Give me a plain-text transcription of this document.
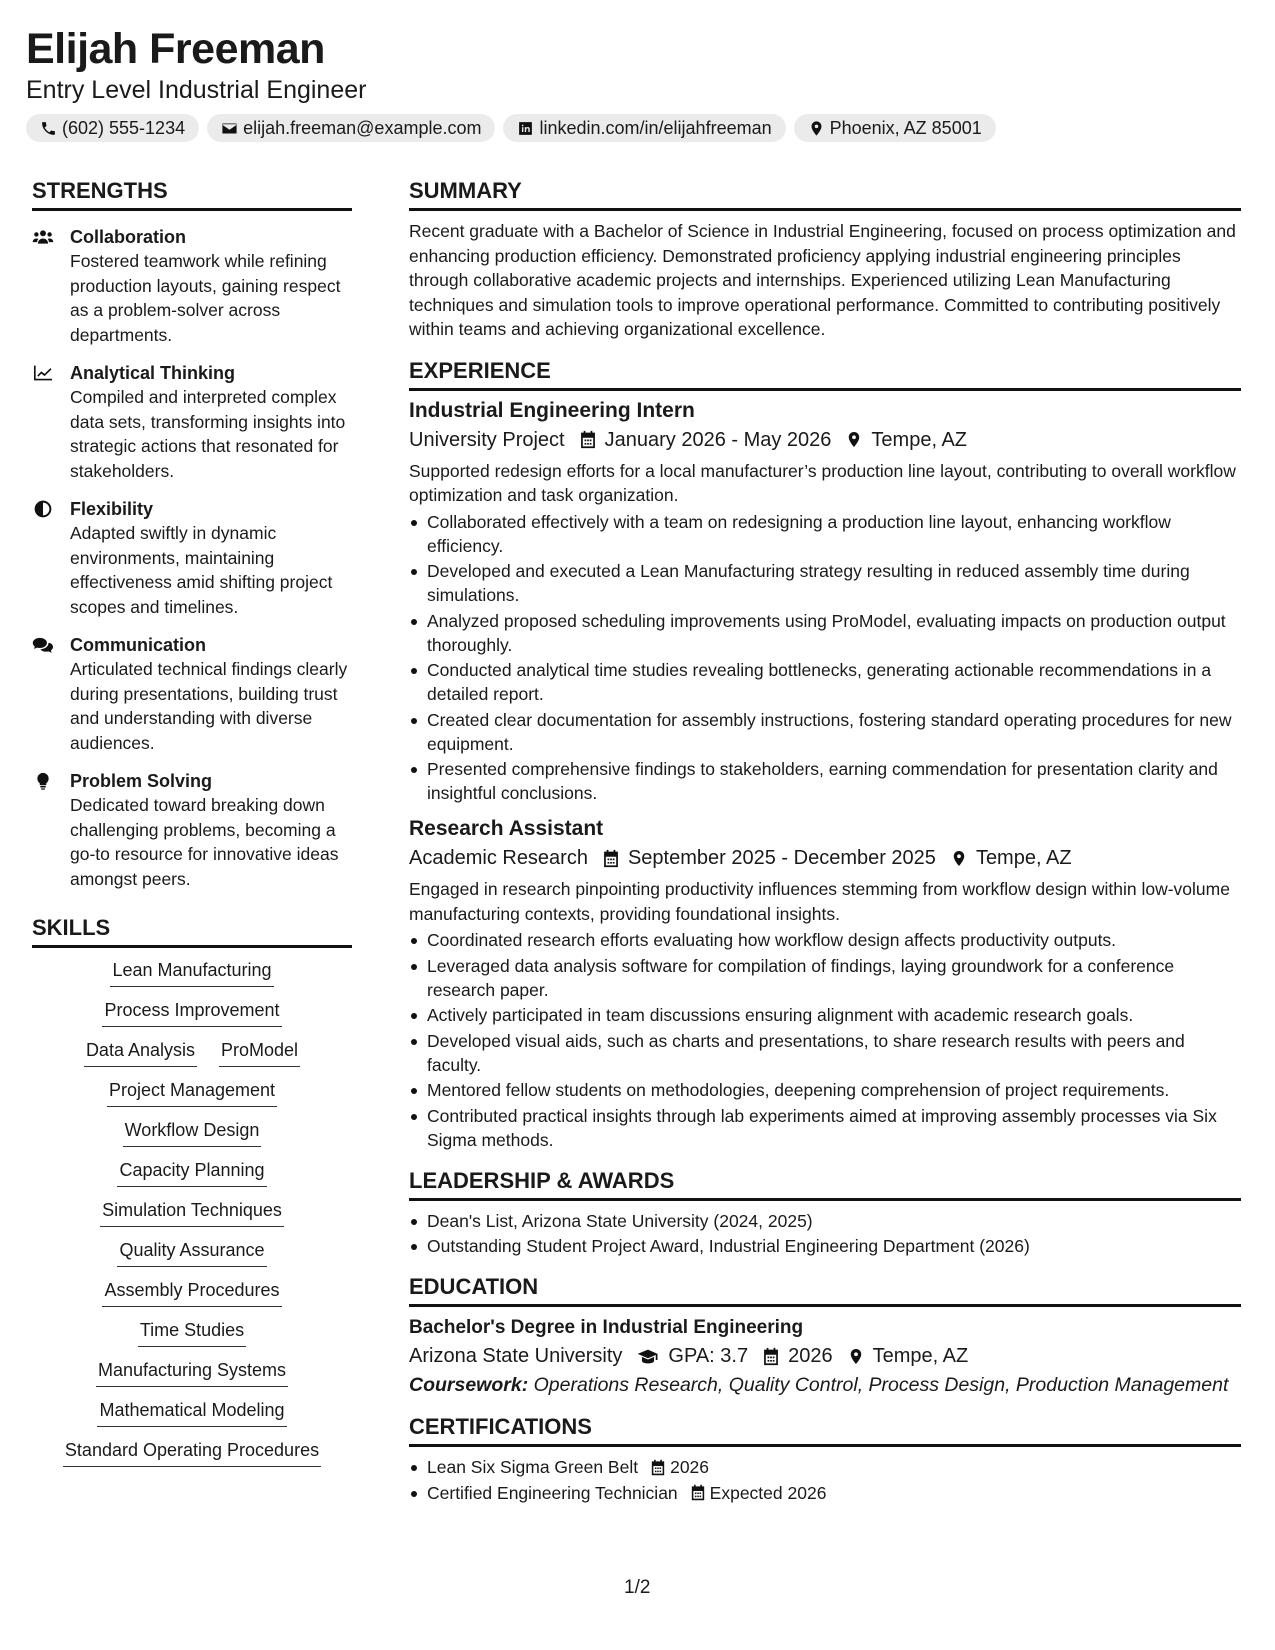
Elijah Freeman
Entry Level Industrial Engineer
(602) 555-1234	elijah.freeman@example.com	linkedin.com/in/elijahfreeman	Phoenix, AZ 85001
STRENGTHS
Collaboration
Fostered teamwork while refining production layouts, gaining respect as a problem-solver across departments.
Analytical Thinking
Compiled and interpreted complex data sets, transforming insights into strategic actions that resonated for stakeholders.
Flexibility
Adapted swiftly in dynamic environments, maintaining effectiveness amid shifting project scopes and timelines.
Communication
Articulated technical findings clearly during presentations, building trust and understanding with diverse audiences.
Problem Solving
Dedicated toward breaking down challenging problems, becoming a go-to resource for innovative ideas amongst peers.
SKILLS
Lean Manufacturing
Process Improvement
Data Analysis ProModel
Project Management
Workflow Design
Capacity Planning
Simulation Techniques
Quality Assurance
Assembly Procedures
Time Studies
Manufacturing Systems
Mathematical Modeling
Standard Operating Procedures
SUMMARY
Recent graduate with a Bachelor of Science in Industrial Engineering, focused on process optimization and enhancing production efficiency. Demonstrated proficiency applying industrial engineering principles through collaborative academic projects and internships. Experienced utilizing Lean Manufacturing techniques and simulation tools to improve operational performance. Committed to contributing positively within teams and achieving organizational excellence.
EXPERIENCE
Industrial Engineering Intern
University Project January 2026 - May 2026 Tempe, AZ
Supported redesign efforts for a local manufacturer’s production line layout, contributing to overall workflow optimization and task organization.
Collaborated effectively with a team on redesigning a production line layout, enhancing workflow efficiency.
Developed and executed a Lean Manufacturing strategy resulting in reduced assembly time during simulations.
Analyzed proposed scheduling improvements using ProModel, evaluating impacts on production output thoroughly.
Conducted analytical time studies revealing bottlenecks, generating actionable recommendations in a detailed report.
Created clear documentation for assembly instructions, fostering standard operating procedures for new equipment.
Presented comprehensive findings to stakeholders, earning commendation for presentation clarity and insightful conclusions.
Research Assistant
Academic Research September 2025 - December 2025 Tempe, AZ
Engaged in research pinpointing productivity influences stemming from workflow design within low-volume manufacturing contexts, providing foundational insights.
Coordinated research efforts evaluating how workflow design affects productivity outputs.
Leveraged data analysis software for compilation of findings, laying groundwork for a conference research paper.
Actively participated in team discussions ensuring alignment with academic research goals.
Developed visual aids, such as charts and presentations, to share research results with peers and faculty.
Mentored fellow students on methodologies, deepening comprehension of project requirements.
Contributed practical insights through lab experiments aimed at improving assembly processes via Six Sigma methods.
LEADERSHIP & AWARDS
Dean's List, Arizona State University (2024, 2025)
Outstanding Student Project Award, Industrial Engineering Department (2026)
EDUCATION
Bachelor's Degree in Industrial Engineering
Arizona State University GPA: 3.7 2026 Tempe, AZ
Coursework: Operations Research, Quality Control, Process Design, Production Management
CERTIFICATIONS
Lean Six Sigma Green Belt 2026
Certified Engineering Technician Expected 2026
1/2
